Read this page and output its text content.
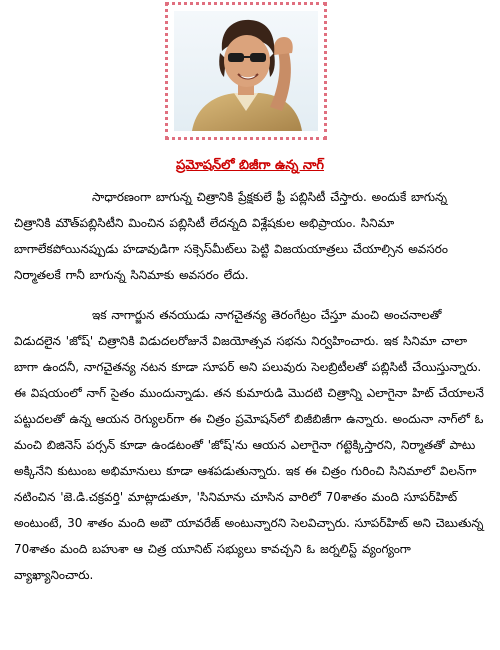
ప్రమోషన్‌లో బిజీగా ఉన్న నాగ్

సాధారణంగా బాగున్న చిత్రానికి ప్రేక్షకులే ఫ్రీ పబ్లిసిటీ చేస్తారు. అందుకే బాగున్న చిత్రానికి మౌత్‌పబ్లిసిటీని మించిన పబ్లిసిటీ లేదన్నది విశ్లేషకుల అభిప్రాయం. సినిమా బాగాలేకపోయినప్పుడు హడావుడిగా సక్సెస్‌మీట్‌లు పెట్టి విజయయాత్రలు చేయాల్సిన అవసరం నిర్మాతలకే గానీ బాగున్న సినిమాకు అవసరం లేదు.

ఇక నాగార్జున తనయుడు నాగచైతన్య తెరంగేట్రం చేస్తూ మంచి అంచనాలతో విడుదలైన 'జోష్‌' చిత్రానికి విడుదలరోజునే విజయోత్సవ సభను నిర్వహించారు. ఇక సినిమా చాలా బాగా ఉందనీ, నాగచైతన్య నటన కూడా సూపర్ అని పలువురు సెలబ్రిటీలతో పబ్లిసిటీ చేయిస్తున్నారు. ఈ విషయంలో నాగ్ సైతం ముందున్నాడు. తన కుమారుడి మొదటి చిత్రాన్ని ఎలాగైనా హిట్ చేయాలనే పట్టుదలతో ఉన్న ఆయన రెగ్యులర్‌గా ఈ చిత్రం ప్రమోషన్‌లో బిజీబిజీగా ఉన్నారు. అందునా నాగ్‌లో ఓ మంచి బిజినెస్ పర్సన్ కూడా ఉండటంతో 'జోష్‌'ను ఆయన ఎలాగైనా గట్టెక్కిస్తారని, నిర్మాతతో పాటు అక్కినేని కుటుంబ అభిమానులు కూడా ఆశపడుతున్నారు. ఇక ఈ చిత్రం గురించి సినిమాలో విలన్‌గా నటించిన 'జె.డి.చక్రవర్తి' మాట్లాడుతూ, 'సినిమాను చూసిన వారిలో 70శాతం మంది సూపర్‌హిట్ అంటుంటే, 30 శాతం మంది అబౌ యావరేజ్ అంటున్నారని సెలవిచ్చారు. సూపర్‌హిట్ అని చెబుతున్న 70శాతం మంది బహుశా ఆ చిత్ర యూనిట్ సభ్యులు కావచ్చని ఓ జర్నలిస్ట్ వ్యంగ్యంగా వ్యాఖ్యానించారు.
